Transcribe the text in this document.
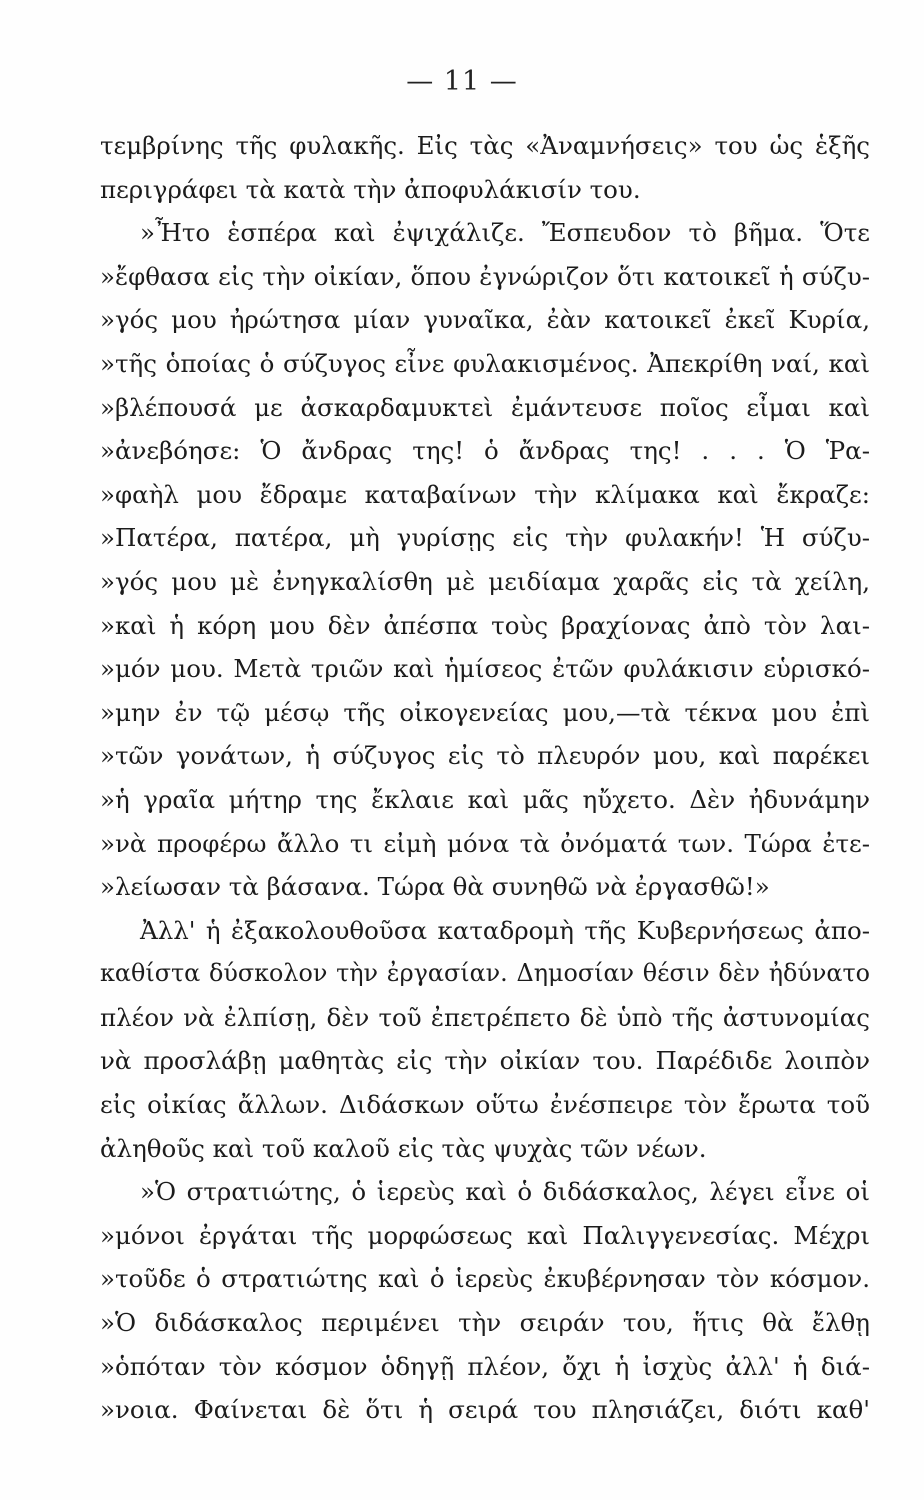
— 11 —
τεμβρίνης τῆς φυλακῆς. Εἰς τὰς «Ἀναμνήσεις» του ὡς ἑξῆς
περιγράφει τὰ κατὰ τὴν ἀποφυλάκισίν του.
»Ἦτο ἑσπέρα καὶ ἐψιχάλιζε. Ἔσπευδον τὸ βῆμα. Ὅτε
»ἔφθασα εἰς τὴν οἰκίαν, ὅπου ἐγνώριζον ὅτι κατοικεῖ ἡ σύζυ-
»γός μου ἠρώτησα μίαν γυναῖκα, ἐὰν κατοικεῖ ἐκεῖ Κυρία,
»τῆς ὁποίας ὁ σύζυγος εἶνε φυλακισμένος. Ἀπεκρίθη ναί, καὶ
»βλέπουσά με ἀσκαρδαμυκτεὶ ἐμάντευσε ποῖος εἶμαι καὶ
»ἀνεβόησε: Ὁ ἄνδρας της! ὁ ἄνδρας της! . . . Ὁ Ῥα-
»φαὴλ μου ἔδραμε καταβαίνων τὴν κλίμακα καὶ ἔκραζε:
»Πατέρα, πατέρα, μὴ γυρίσῃς εἰς τὴν φυλακήν! Ἡ σύζυ-
»γός μου μὲ ἐνηγκαλίσθη μὲ μειδίαμα χαρᾶς εἰς τὰ χείλη,
»καὶ ἡ κόρη μου δὲν ἀπέσπα τοὺς βραχίονας ἀπὸ τὸν λαι-
»μόν μου. Μετὰ τριῶν καὶ ἡμίσεος ἐτῶν φυλάκισιν εὑρισκό-
»μην ἐν τῷ μέσῳ τῆς οἰκογενείας μου,—τὰ τέκνα μου ἐπὶ
»τῶν γονάτων, ἡ σύζυγος εἰς τὸ πλευρόν μου, καὶ παρέκει
»ἡ γραῖα μήτηρ της ἔκλαιε καὶ μᾶς ηὔχετο. Δὲν ἠδυνάμην
»νὰ προφέρω ἄλλο τι εἰμὴ μόνα τὰ ὀνόματά των. Τώρα ἐτε-
»λείωσαν τὰ βάσανα. Τώρα θὰ συνηθῶ νὰ ἐργασθῶ!»
Ἀλλ' ἡ ἐξακολουθοῦσα καταδρομὴ τῆς Κυβερνήσεως ἀπο-
καθίστα δύσκολον τὴν ἐργασίαν. Δημοσίαν θέσιν δὲν ἠδύνατο
πλέον νὰ ἐλπίσῃ, δὲν τοῦ ἐπετρέπετο δὲ ὑπὸ τῆς ἀστυνομίας
νὰ προσλάβῃ μαθητὰς εἰς τὴν οἰκίαν του. Παρέδιδε λοιπὸν
εἰς οἰκίας ἄλλων. Διδάσκων οὕτω ἐνέσπειρε τὸν ἔρωτα τοῦ
ἀληθοῦς καὶ τοῦ καλοῦ εἰς τὰς ψυχὰς τῶν νέων.
»Ὁ στρατιώτης, ὁ ἱερεὺς καὶ ὁ διδάσκαλος, λέγει εἶνε οἱ
»μόνοι ἐργάται τῆς μορφώσεως καὶ Παλιγγενεσίας. Μέχρι
»τοῦδε ὁ στρατιώτης καὶ ὁ ἱερεὺς ἐκυβέρνησαν τὸν κόσμον.
»Ὁ διδάσκαλος περιμένει τὴν σειράν του, ἥτις θὰ ἔλθῃ
»ὁπόταν τὸν κόσμον ὁδηγῇ πλέον, ὄχι ἡ ἰσχὺς ἀλλ' ἡ διά-
»νοια. Φαίνεται δὲ ὅτι ἡ σειρά του πλησιάζει, διότι καθ'
